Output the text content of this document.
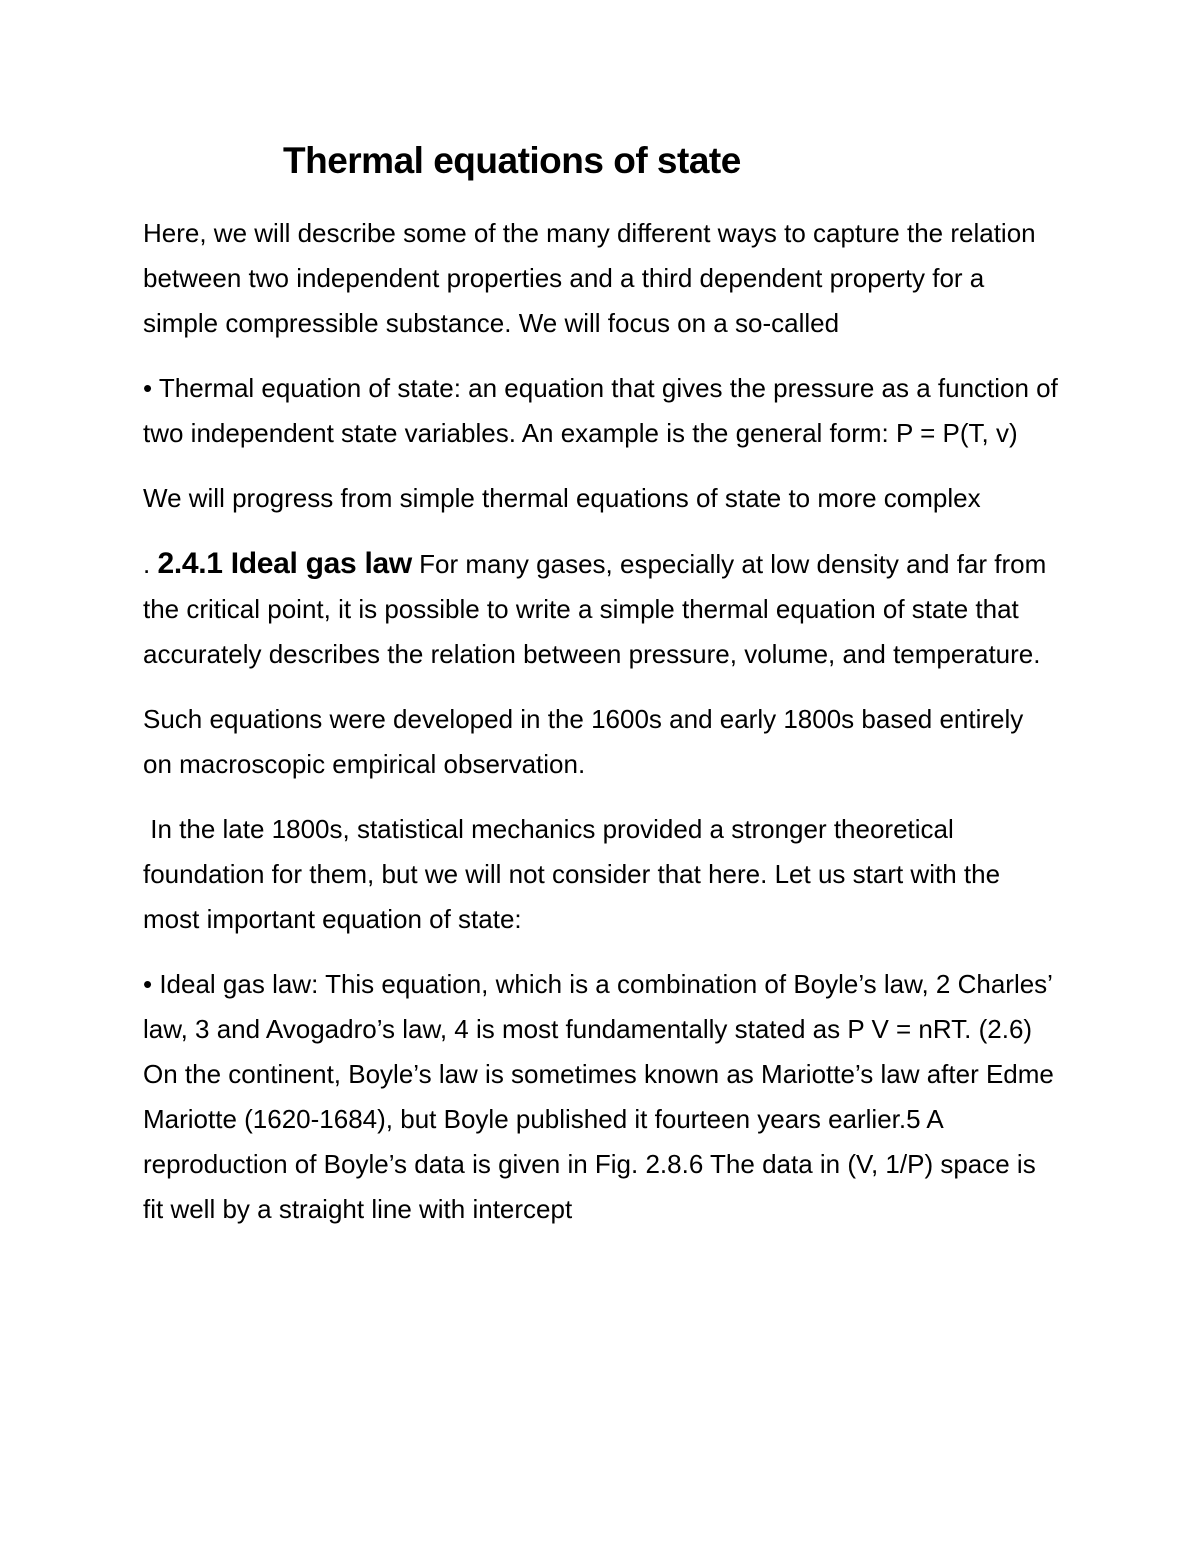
Thermal equations of state

Here, we will describe some of the many different ways to capture the relation between two independent properties and a third dependent property for a simple compressible substance. We will focus on a so-called

• Thermal equation of state: an equation that gives the pressure as a function of two independent state variables. An example is the general form: P = P(T, v)

We will progress from simple thermal equations of state to more complex

. 2.4.1 Ideal gas law For many gases, especially at low density and far from the critical point, it is possible to write a simple thermal equation of state that accurately describes the relation between pressure, volume, and temperature.

Such equations were developed in the 1600s and early 1800s based entirely on macroscopic empirical observation.

In the late 1800s, statistical mechanics provided a stronger theoretical foundation for them, but we will not consider that here. Let us start with the most important equation of state:

• Ideal gas law: This equation, which is a combination of Boyle’s law, 2 Charles’ law, 3 and Avogadro’s law, 4 is most fundamentally stated as P V = nRT. (2.6) On the continent, Boyle’s law is sometimes known as Mariotte’s law after Edme Mariotte (1620-1684), but Boyle published it fourteen years earlier.5 A reproduction of Boyle’s data is given in Fig. 2.8.6 The data in (V, 1/P) space is fit well by a straight line with intercept
